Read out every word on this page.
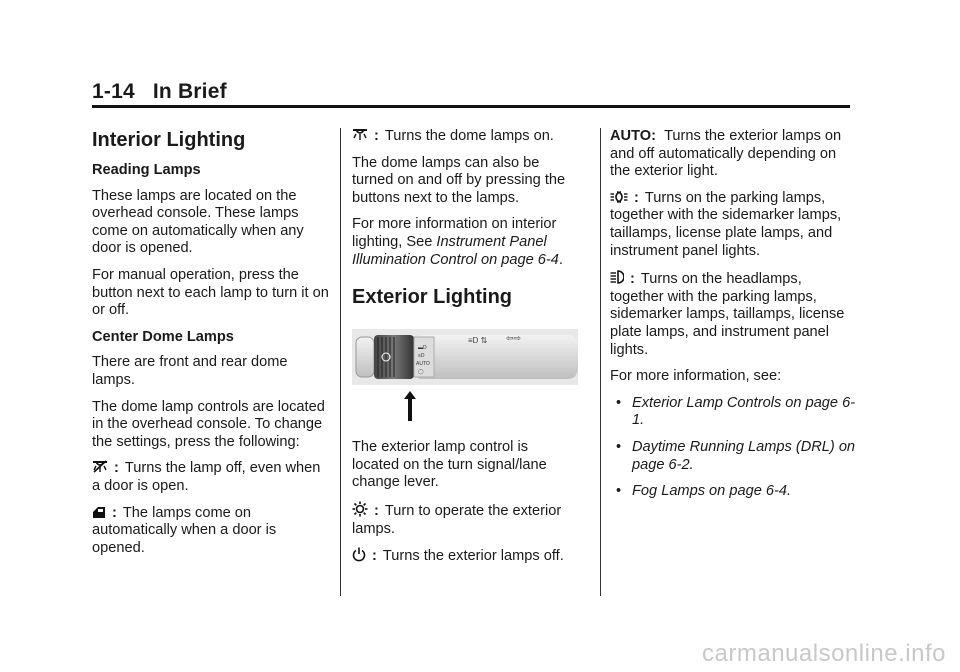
1-14 In Brief
Interior Lighting
Reading Lamps

These lamps are located on the overhead console. These lamps come on automatically when any door is opened.

For manual operation, press the button next to each lamp to turn it on or off.

Center Dome Lamps

There are front and rear dome lamps.

The dome lamp controls are located in the overhead console. To change the settings, press the following:

: Turns the lamp off, even when a door is open.

: The lamps come on automatically when a door is opened.

: Turns the dome lamps on.

The dome lamps can also be turned on and off by pressing the buttons next to the lamps.

For more information on interior lighting, See Instrument Panel Illumination Control on page 6-4.

Exterior Lighting
▬D
≡D
AUTO
◯
≡D ⇅ ⇦⇨

The exterior lamp control is located on the turn signal/lane change lever.

: Turn to operate the exterior lamps.

: Turns the exterior lamps off.

AUTO: Turns the exterior lamps on and off automatically depending on the exterior light.

: Turns on the parking lamps, together with the sidemarker lamps, taillamps, license plate lamps, and instrument panel lights.

: Turns on the headlamps, together with the parking lamps, sidemarker lamps, taillamps, license plate lamps, and instrument panel lights.

For more information, see:

• Exterior Lamp Controls on page 6-1.
• Daytime Running Lamps (DRL) on page 6-2.
• Fog Lamps on page 6-4.
carmanualsonline.info
